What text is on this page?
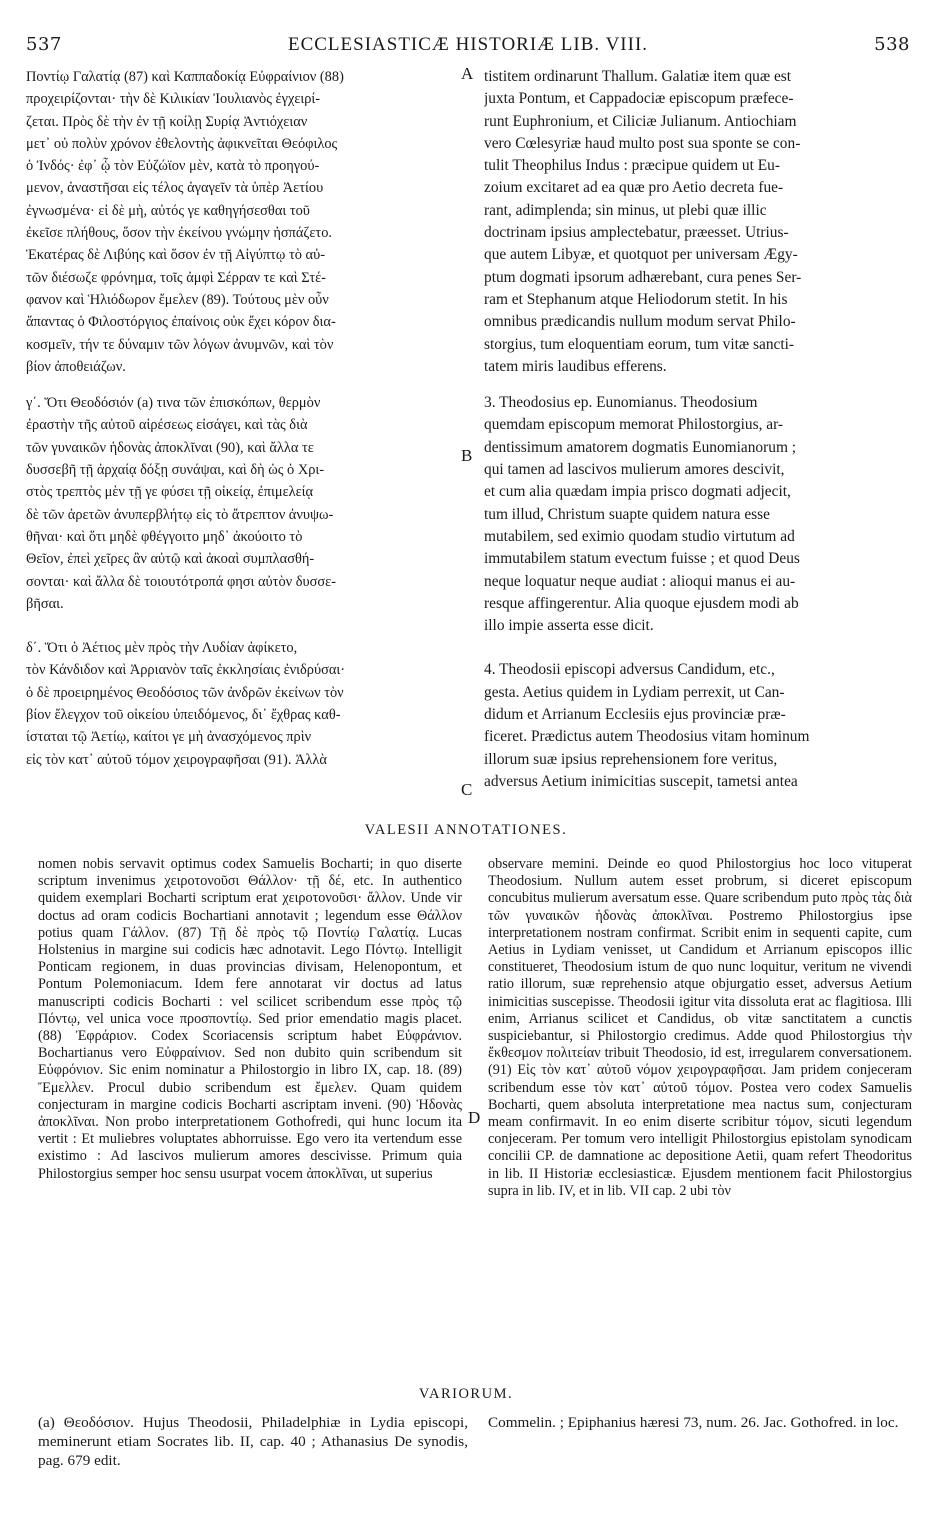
537	ECCLESIASTICÆ HISTORIÆ LIB. VIII.	538
Ποντίῳ Γαλατίᾳ (87) καὶ Καππαδοκίᾳ Εὐφραίνιον (88)
προχειρίζονται· τὴν δὲ Κιλικίαν Ἰουλιανὸς ἐγχειρί-
ζεται. Πρὸς δὲ τὴν ἐν τῇ κοίλῃ Συρίᾳ Ἀντιόχειαν
μετ᾽ οὐ πολὺν χρόνον ἐθελοντὴς ἀφικνεῖται Θεόφιλος
ὁ Ἰνδός· ἐφ᾽ ᾧ τὸν Εὐζώϊον μὲν, κατὰ τὸ προηγού-
μενον, ἀναστῆσαι εἰς τέλος ἀγαγεῖν τὰ ὑπὲρ Ἀετίου
ἐγνωσμένα· εἰ δὲ μὴ, αὐτός γε καθηγήσεσθαι τοῦ
ἐκεῖσε πλήθους, ὅσον τὴν ἐκείνου γνώμην ἠσπάζετο.
Ἑκατέρας δὲ Λιβύης καὶ ὅσον ἐν τῇ Αἰγύπτῳ τὸ αὐ-
τῶν διέσωζε φρόνημα, τοῖς ἀμφὶ Σέρραν τε καὶ Στέ-
φανον καὶ Ἡλιόδωρον ἔμελεν (89). Τούτους μὲν οὖν
ἅπαντας ὁ Φιλοστόργιος ἐπαίνοις οὐκ ἔχει κόρον δια-
κοσμεῖν, τήν τε δύναμιν τῶν λόγων ἀνυμνῶν, καὶ τὸν
βίον ἀποθειάζων.
γ΄. Ὅτι Θεοδόσιόν (a) τινα τῶν ἐπισκόπων, θερμὸν
ἐραστὴν τῆς αὐτοῦ αἱρέσεως εἰσάγει, καὶ τὰς διὰ
τῶν γυναικῶν ἡδονὰς ἀποκλῖναι (90), καὶ ἄλλα τε
δυσσεβῆ τῇ ἀρχαίᾳ δόξῃ συνάψαι, καὶ δὴ ὡς ὁ Χρι-
στὸς τρεπτὸς μὲν τῇ γε φύσει τῇ οἰκείᾳ, ἐπιμελείᾳ
δὲ τῶν ἀρετῶν ἀνυπερβλήτῳ εἰς τὸ ἄτρεπτον ἀνυψω-
θῆναι· καὶ ὅτι μηδὲ φθέγγοιτο μηδ᾽ ἀκούοιτο τὸ
Θεῖον, ἐπεὶ χεῖρες ἂν αὐτῷ καὶ ἀκοαὶ συμπλασθή-
σονται· καὶ ἄλλα δὲ τοιουτότροπά φησι αὐτὸν δυσσε-
βῆσαι.
δ΄. Ὅτι ὁ Ἀέτιος μὲν πρὸς τὴν Λυδίαν ἀφίκετο,
τὸν Κάνδιδον καὶ Ἀρριανὸν ταῖς ἐκκλησίαις ἐνιδρύσαι·
ὁ δὲ προειρημένος Θεοδόσιος τῶν ἀνδρῶν ἐκείνων τὸν
βίον ἔλεγχον τοῦ οἰκείου ὑπειδόμενος, δι᾽ ἔχθρας καθ-
ίσταται τῷ Ἀετίῳ, καίτοι γε μὴ ἀνασχόμενος πρὶν
εἰς τὸν κατ᾽ αὐτοῦ τόμον χειρογραφῆσαι (91). Ἀλλὰ
tistitem ordinarunt Thallum. Galatiæ item quæ est
juxta Pontum, et Cappadociæ episcopum præfece-
runt Euphronium, et Ciliciæ Julianum. Antiochiam
vero Cœlesyriæ haud multo post sua sponte se con-
tulit Theophilus Indus : præcipue quidem ut Eu-
zoium excitaret ad ea quæ pro Aetio decreta fue-
rant, adimplenda; sin minus, ut plebi quæ illic
doctrinam ipsius amplectebatur, præesset. Utrius-
que autem Libyæ, et quotquot per universam Ægy-
ptum dogmati ipsorum adhærebant, cura penes Ser-
ram et Stephanum atque Heliodorum stetit. In his
omnibus prædicandis nullum modum servat Philo-
storgius, tum eloquentiam eorum, tum vitæ sancti-
tatem miris laudibus efferens.
3. Theodosius ep. Eunomianus. Theodosium
quemdam episcopum memorat Philostorgius, ar-
dentissimum amatorem dogmatis Eunomianorum ;
qui tamen ad lascivos mulierum amores descivit,
et cum alia quædam impia prisco dogmati adjecit,
tum illud, Christum suapte quidem natura esse
mutabilem, sed eximio quodam studio virtutum ad
immutabilem statum evectum fuisse ; et quod Deus
neque loquatur neque audiat : alioqui manus ei au-
resque affingerentur. Alia quoque ejusdem modi ab
illo impie asserta esse dicit.
4. Theodosii episcopi adversus Candidum, etc.,
gesta. Aetius quidem in Lydiam perrexit, ut Can-
didum et Arrianum Ecclesiis ejus provinciæ præ-
ficeret. Prædictus autem Theodosius vitam hominum
illorum suæ ipsius reprehensionem fore veritus,
adversus Aetium inimicitias suscepit, tametsi antea
A
B
C
D
VALESII ANNOTATIONES.

nomen nobis servavit optimus codex Samuelis Bocharti; in quo diserte scriptum invenimus χειροτονοῦσι Θάλλον· τῇ δέ, etc. In authentico quidem exemplari Bocharti scriptum erat χειροτονοῦσι· ἄλλον. Unde vir doctus ad oram codicis Bochartiani annotavit ; legendum esse Θάλλον potius quam Γάλλον. (87) Τῇ δὲ πρὸς τῷ Ποντίῳ Γαλατίᾳ. Lucas Holstenius in margine sui codicis hæc adnotavit. Lego Πόντῳ. Intelligit Ponticam regionem, in duas provincias divisam, Helenopontum, et Pontum Polemoniacum. Idem fere annotarat vir doctus ad latus manuscripti codicis Bocharti : vel scilicet scribendum esse πρὸς τῷ Πόντῳ, vel unica voce προσποντίῳ. Sed prior emendatio magis placet. (88) Ἐφράριον. Codex Scoriacensis scriptum habet Εὐφράνιον. Bochartianus vero Εὐφραίνιον. Sed non dubito quin scribendum sit Εὐφρόνιον. Sic enim nominatur a Philostorgio in libro IX, cap. 18. (89) Ἔμελλεν. Procul dubio scribendum est ἔμελεν. Quam quidem conjecturam in margine codicis Bocharti ascriptam inveni. (90) Ἡδονὰς ἀποκλῖναι. Non probo interpretationem Gothofredi, qui hunc locum ita vertit : Et muliebres voluptates abhorruisse. Ego vero ita vertendum esse existimo : Ad lascivos mulierum amores descivisse. Primum quia Philostorgius semper hoc sensu usurpat vocem ἀποκλῖναι, ut superius

observare memini. Deinde eo quod Philostorgius hoc loco vituperat Theodosium. Nullum autem esset probrum, si diceret episcopum concubitus mulierum aversatum esse. Quare scribendum puto πρὸς τὰς διὰ τῶν γυναικῶν ἡδονὰς ἀποκλῖναι. Postremo Philostorgius ipse interpretationem nostram confirmat. Scribit enim in sequenti capite, cum Aetius in Lydiam venisset, ut Candidum et Arrianum episcopos illic constitueret, Theodosium istum de quo nunc loquitur, veritum ne vivendi ratio illorum, suæ reprehensio atque objurgatio esset, adversus Aetium inimicitias suscepisse. Theodosii igitur vita dissoluta erat ac flagitiosa. Illi enim, Arrianus scilicet et Candidus, ob vitæ sanctitatem a cunctis suspiciebantur, si Philostorgio credimus. Adde quod Philostorgius τὴν ἔκθεσμον πολιτείαν tribuit Theodosio, id est, irregularem conversationem. (91) Εἰς τὸν κατ᾽ αὐτοῦ νόμον χειρογραφῆσαι. Jam pridem conjeceram scribendum esse τὸν κατ᾽ αὐτοῦ τόμον. Postea vero codex Samuelis Bocharti, quem absoluta interpretatione mea nactus sum, conjecturam meam confirmavit. In eo enim diserte scribitur τόμον, sicuti legendum conjeceram. Per tomum vero intelligit Philostorgius epistolam synodicam concilii CP. de damnatione ac depositione Aetii, quam refert Theodoritus in lib. II Historiæ ecclesiasticæ. Ejusdem mentionem facit Philostorgius supra in lib. IV, et in lib. VII cap. 2 ubi τὸν

VARIORUM.

(a) Θεοδόσιον. Hujus Theodosii, Philadelphiæ in Lydia episcopi, meminerunt etiam Socrates lib. II, cap. 40 ; Athanasius De synodis, pag. 679 edit.

Commelin. ; Epiphanius hæresi 73, num. 26. Jac. Gothofred. in loc.
